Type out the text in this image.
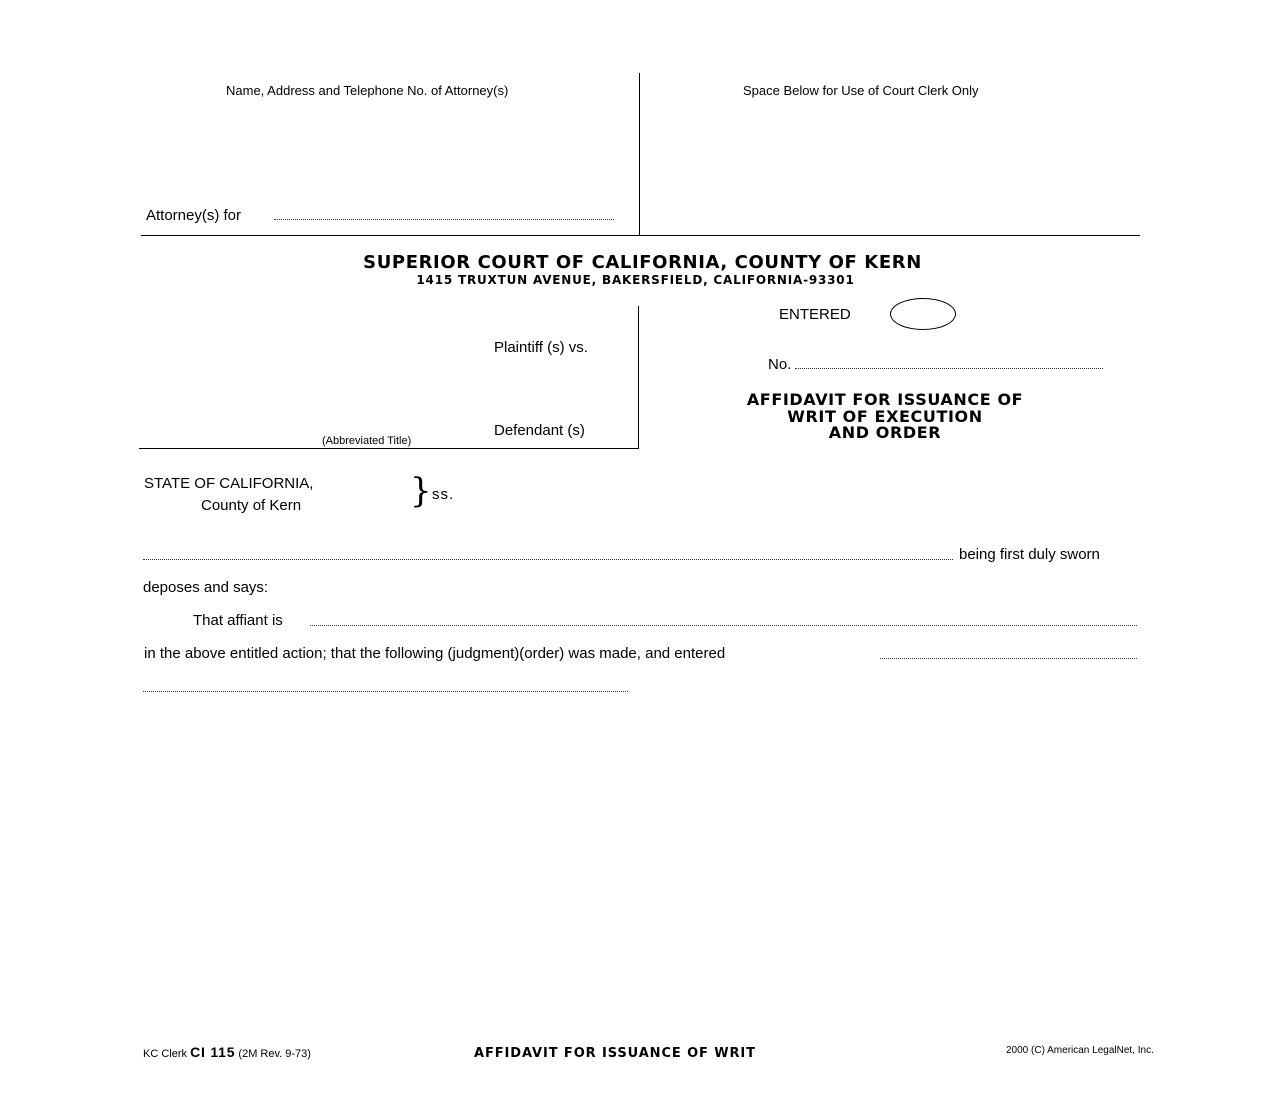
Name, Address and Telephone No. of Attorney(s)	Space Below for Use of Court Clerk Only
Attorney(s) for
SUPERIOR COURT OF CALIFORNIA, COUNTY OF KERN
1415 TRUXTUN AVENUE, BAKERSFIELD, CALIFORNIA-93301
Plaintiff (s) vs.
Defendant (s)
(Abbreviated Title)
ENTERED
No.
AFFIDAVIT FOR ISSUANCE OF
WRIT OF EXECUTION
AND ORDER
STATE OF CALIFORNIA,
County of Kern	} ss.
being first duly sworn
deposes and says:
That affiant is
in the above entitled action; that the following (judgment)(order) was made, and entered
KC Clerk CI 115 (2M Rev. 9-73)	AFFIDAVIT FOR ISSUANCE OF WRIT	2000 (C) American LegalNet, Inc.
